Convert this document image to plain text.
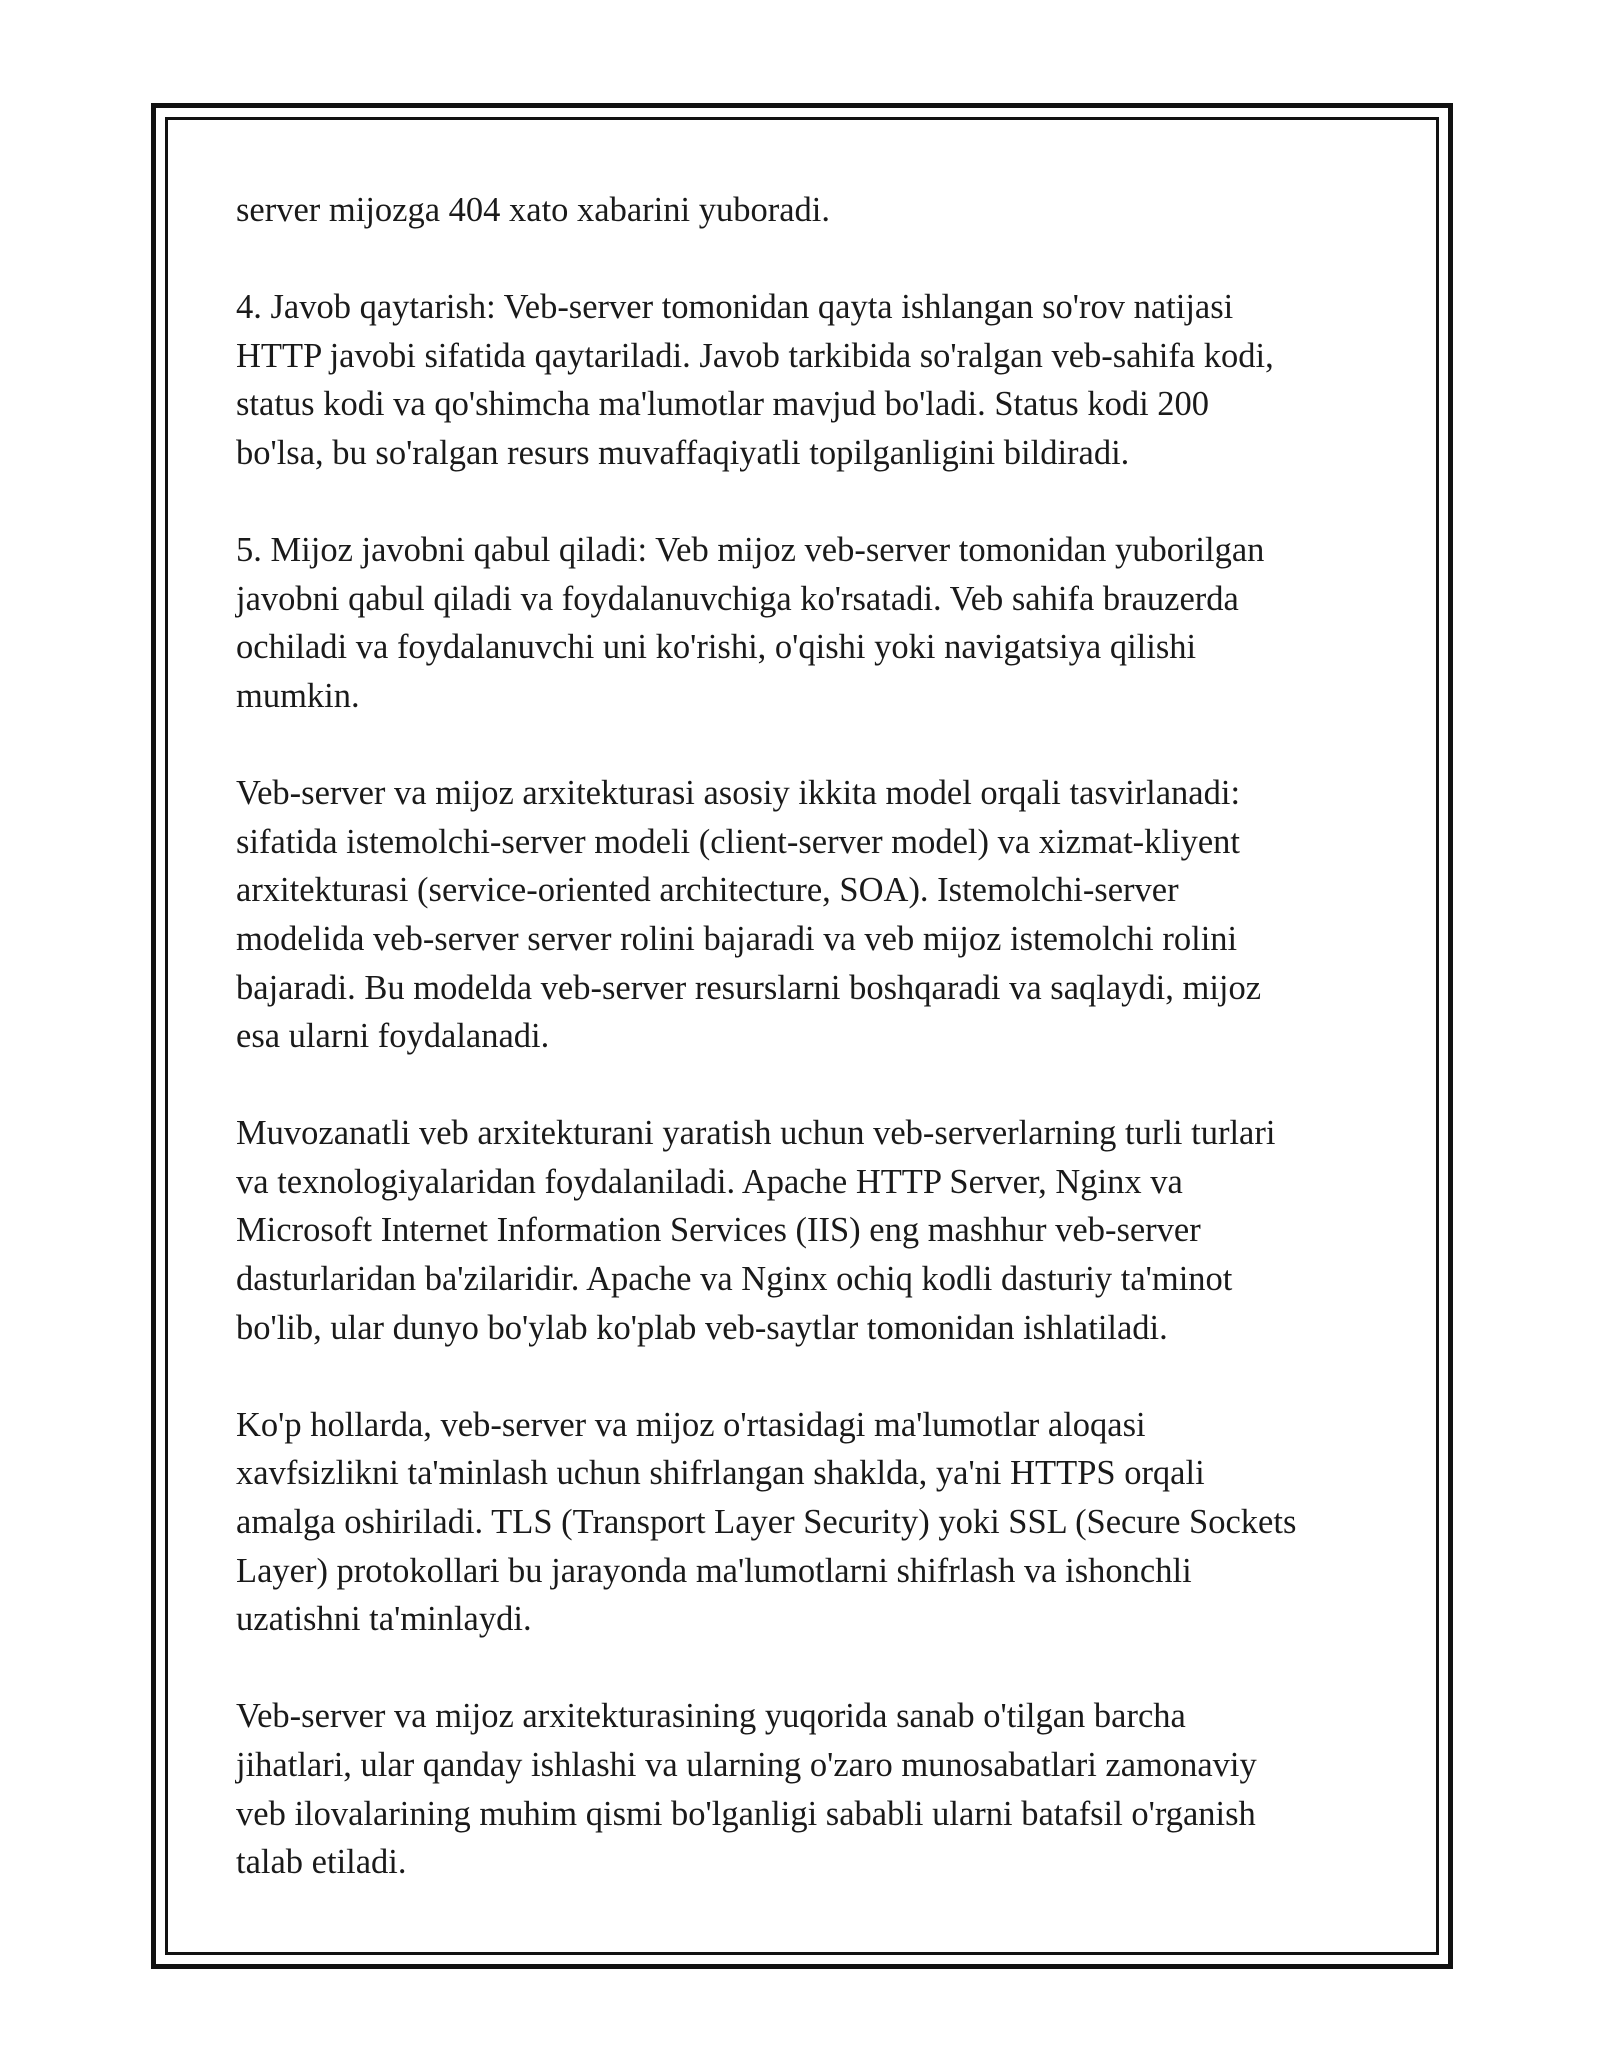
server mijozga 404 xato xabarini yuboradi.

4. Javob qaytarish: Veb-server tomonidan qayta ishlangan so'rov natijasi
HTTP javobi sifatida qaytariladi. Javob tarkibida so'ralgan veb-sahifa kodi,
status kodi va qo'shimcha ma'lumotlar mavjud bo'ladi. Status kodi 200
bo'lsa, bu so'ralgan resurs muvaffaqiyatli topilganligini bildiradi.

5. Mijoz javobni qabul qiladi: Veb mijoz veb-server tomonidan yuborilgan
javobni qabul qiladi va foydalanuvchiga ko'rsatadi. Veb sahifa brauzerda
ochiladi va foydalanuvchi uni ko'rishi, o'qishi yoki navigatsiya qilishi
mumkin.

Veb-server va mijoz arxitekturasi asosiy ikkita model orqali tasvirlanadi:
sifatida istemolchi-server modeli (client-server model) va xizmat-kliyent
arxitekturasi (service-oriented architecture, SOA). Istemolchi-server
modelida veb-server server rolini bajaradi va veb mijoz istemolchi rolini
bajaradi. Bu modelda veb-server resurslarni boshqaradi va saqlaydi, mijoz
esa ularni foydalanadi.

Muvozanatli veb arxitekturani yaratish uchun veb-serverlarning turli turlari
va texnologiyalaridan foydalaniladi. Apache HTTP Server, Nginx va
Microsoft Internet Information Services (IIS) eng mashhur veb-server
dasturlaridan ba'zilaridir. Apache va Nginx ochiq kodli dasturiy ta'minot
bo'lib, ular dunyo bo'ylab ko'plab veb-saytlar tomonidan ishlatiladi.

Ko'p hollarda, veb-server va mijoz o'rtasidagi ma'lumotlar aloqasi
xavfsizlikni ta'minlash uchun shifrlangan shakldа, ya'ni HTTPS orqali
amalga oshiriladi. TLS (Transport Layer Security) yoki SSL (Secure Sockets
Layer) protokollari bu jarayonda ma'lumotlarni shifrlash va ishonchli
uzatishni ta'minlaydi.

Veb-server va mijoz arxitekturasining yuqorida sanab o'tilgan barcha
jihatlari, ular qanday ishlashi va ularning o'zaro munosabatlari zamonaviy
veb ilovalarining muhim qismi bo'lganligi sababli ularni batafsil o'rganish
talab etiladi.
